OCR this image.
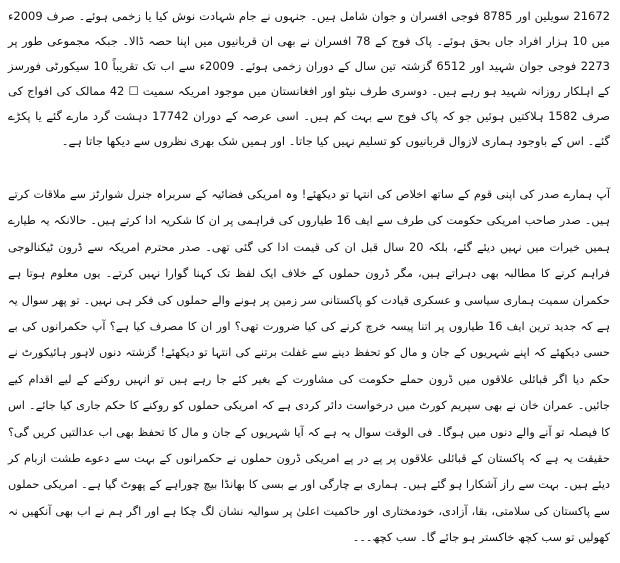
21672 سویلین اور 8785 فوجی افسران و جوان شامل ہیں۔ جنہوں نے جام شہادت نوش کیا یا زخمی ہوئے۔ صرف 2009ء میں 10 ہزار افراد جاں بحق ہوئے۔ پاک فوج کے 78 افسران نے بھی ان قربانیوں میں اپنا حصہ ڈالا۔ جبکہ مجموعی طور پر 2273 فوجی جوان شہید اور 6512 گزشتہ تین سال کے دوران زخمی ہوئے۔ 2009ء سے اب تک تقریباً 10 سیکورٹی فورسز کے اہلکار روزانہ شہید ہو رہے ہیں۔ دوسری طرف نیٹو اور افغانستان میں موجود امریکہ سمیت ☐ 42 ممالک کی افواج کی صرف 1582 ہلاکتیں ہوئیں جو کہ پاک فوج سے بہت کم ہیں۔ اسی عرصہ کے دوران 17742 دہشت گرد مارے گئے یا پکڑے گئے۔ اس کے باوجود ہماری لازوال قربانیوں کو تسلیم نہیں کیا جاتا۔ اور ہمیں شک بھری نظروں سے دیکھا جاتا ہے۔

آپ ہمارے صدر کی اپنی قوم کے ساتھ اخلاص کی انتہا تو دیکھئے! وہ امریکی فضائیہ کے سربراہ جنرل شوارٹز سے ملاقات کرتے ہیں۔ صدر صاحب امریکی حکومت کی طرف سے ایف 16 طیاروں کی فراہمی پر ان کا شکریہ ادا کرتے ہیں۔ حالانکہ یہ طیارے ہمیں خیرات میں نہیں دیئے گئے، بلکہ 20 سال قبل ان کی قیمت ادا کی گئی تھی۔ صدر محترم امریکہ سے ڈرون ٹیکنالوجی فراہم کرنے کا مطالبہ بھی دہراتے ہیں، مگر ڈرون حملوں کے خلاف ایک لفظ تک کہنا گوارا نہیں کرتے۔ یوں معلوم ہوتا ہے حکمران سمیت ہماری سیاسی و عسکری قیادت کو پاکستانی سر زمین پر ہونے والے حملوں کی فکر ہی نہیں۔ تو پھر سوال یہ ہے کہ جدید ترین ایف 16 طیاروں پر اتنا پیسہ خرچ کرنے کی کیا ضرورت تھی؟ اور ان کا مصرف کیا ہے؟ آپ حکمرانوں کی بے حسی دیکھئے کہ اپنے شہریوں کے جان و مال کو تحفظ دینے سے غفلت برتنے کی انتہا تو دیکھئے! گزشتہ دنوں لاہور ہائیکورٹ نے حکم دیا اگر قبائلی علاقوں میں ڈرون حملے حکومت کی مشاورت کے بغیر کئے جا رہے ہیں تو انہیں روکنے کے لیے اقدام کیے جائیں۔ عمران خان نے بھی سپریم کورٹ میں درخواست دائر کردی ہے کہ امریکی حملوں کو روکنے کا حکم جاری کیا جائے۔ اس کا فیصلہ تو آنے والے دنوں میں ہوگا۔ فی الوقت سوال یہ ہے کہ آیا شہریوں کے جان و مال کا تحفظ بھی اب عدالتیں کریں گی؟ حقیقت یہ ہے کہ پاکستان کے قبائلی علاقوں پر پے در پے امریکی ڈرون حملوں نے حکمرانوں کے بہت سے دعوے طشت ازبام کر دیئے ہیں۔ بہت سے راز آشکارا ہو گئے ہیں۔ ہماری بے چارگی اور بے بسی کا بھانڈا بیچ چوراہے کے پھوٹ گیا ہے۔ امریکی حملوں سے پاکستان کی سلامتی، بقا، آزادی، خودمختاری اور حاکمیت اعلیٰ پر سوالیہ نشان لگ چکا ہے اور اگر ہم نے اب بھی آنکھیں نہ کھولیں تو سب کچھ خاکستر ہو جائے گا۔ سب کچھ۔۔۔
